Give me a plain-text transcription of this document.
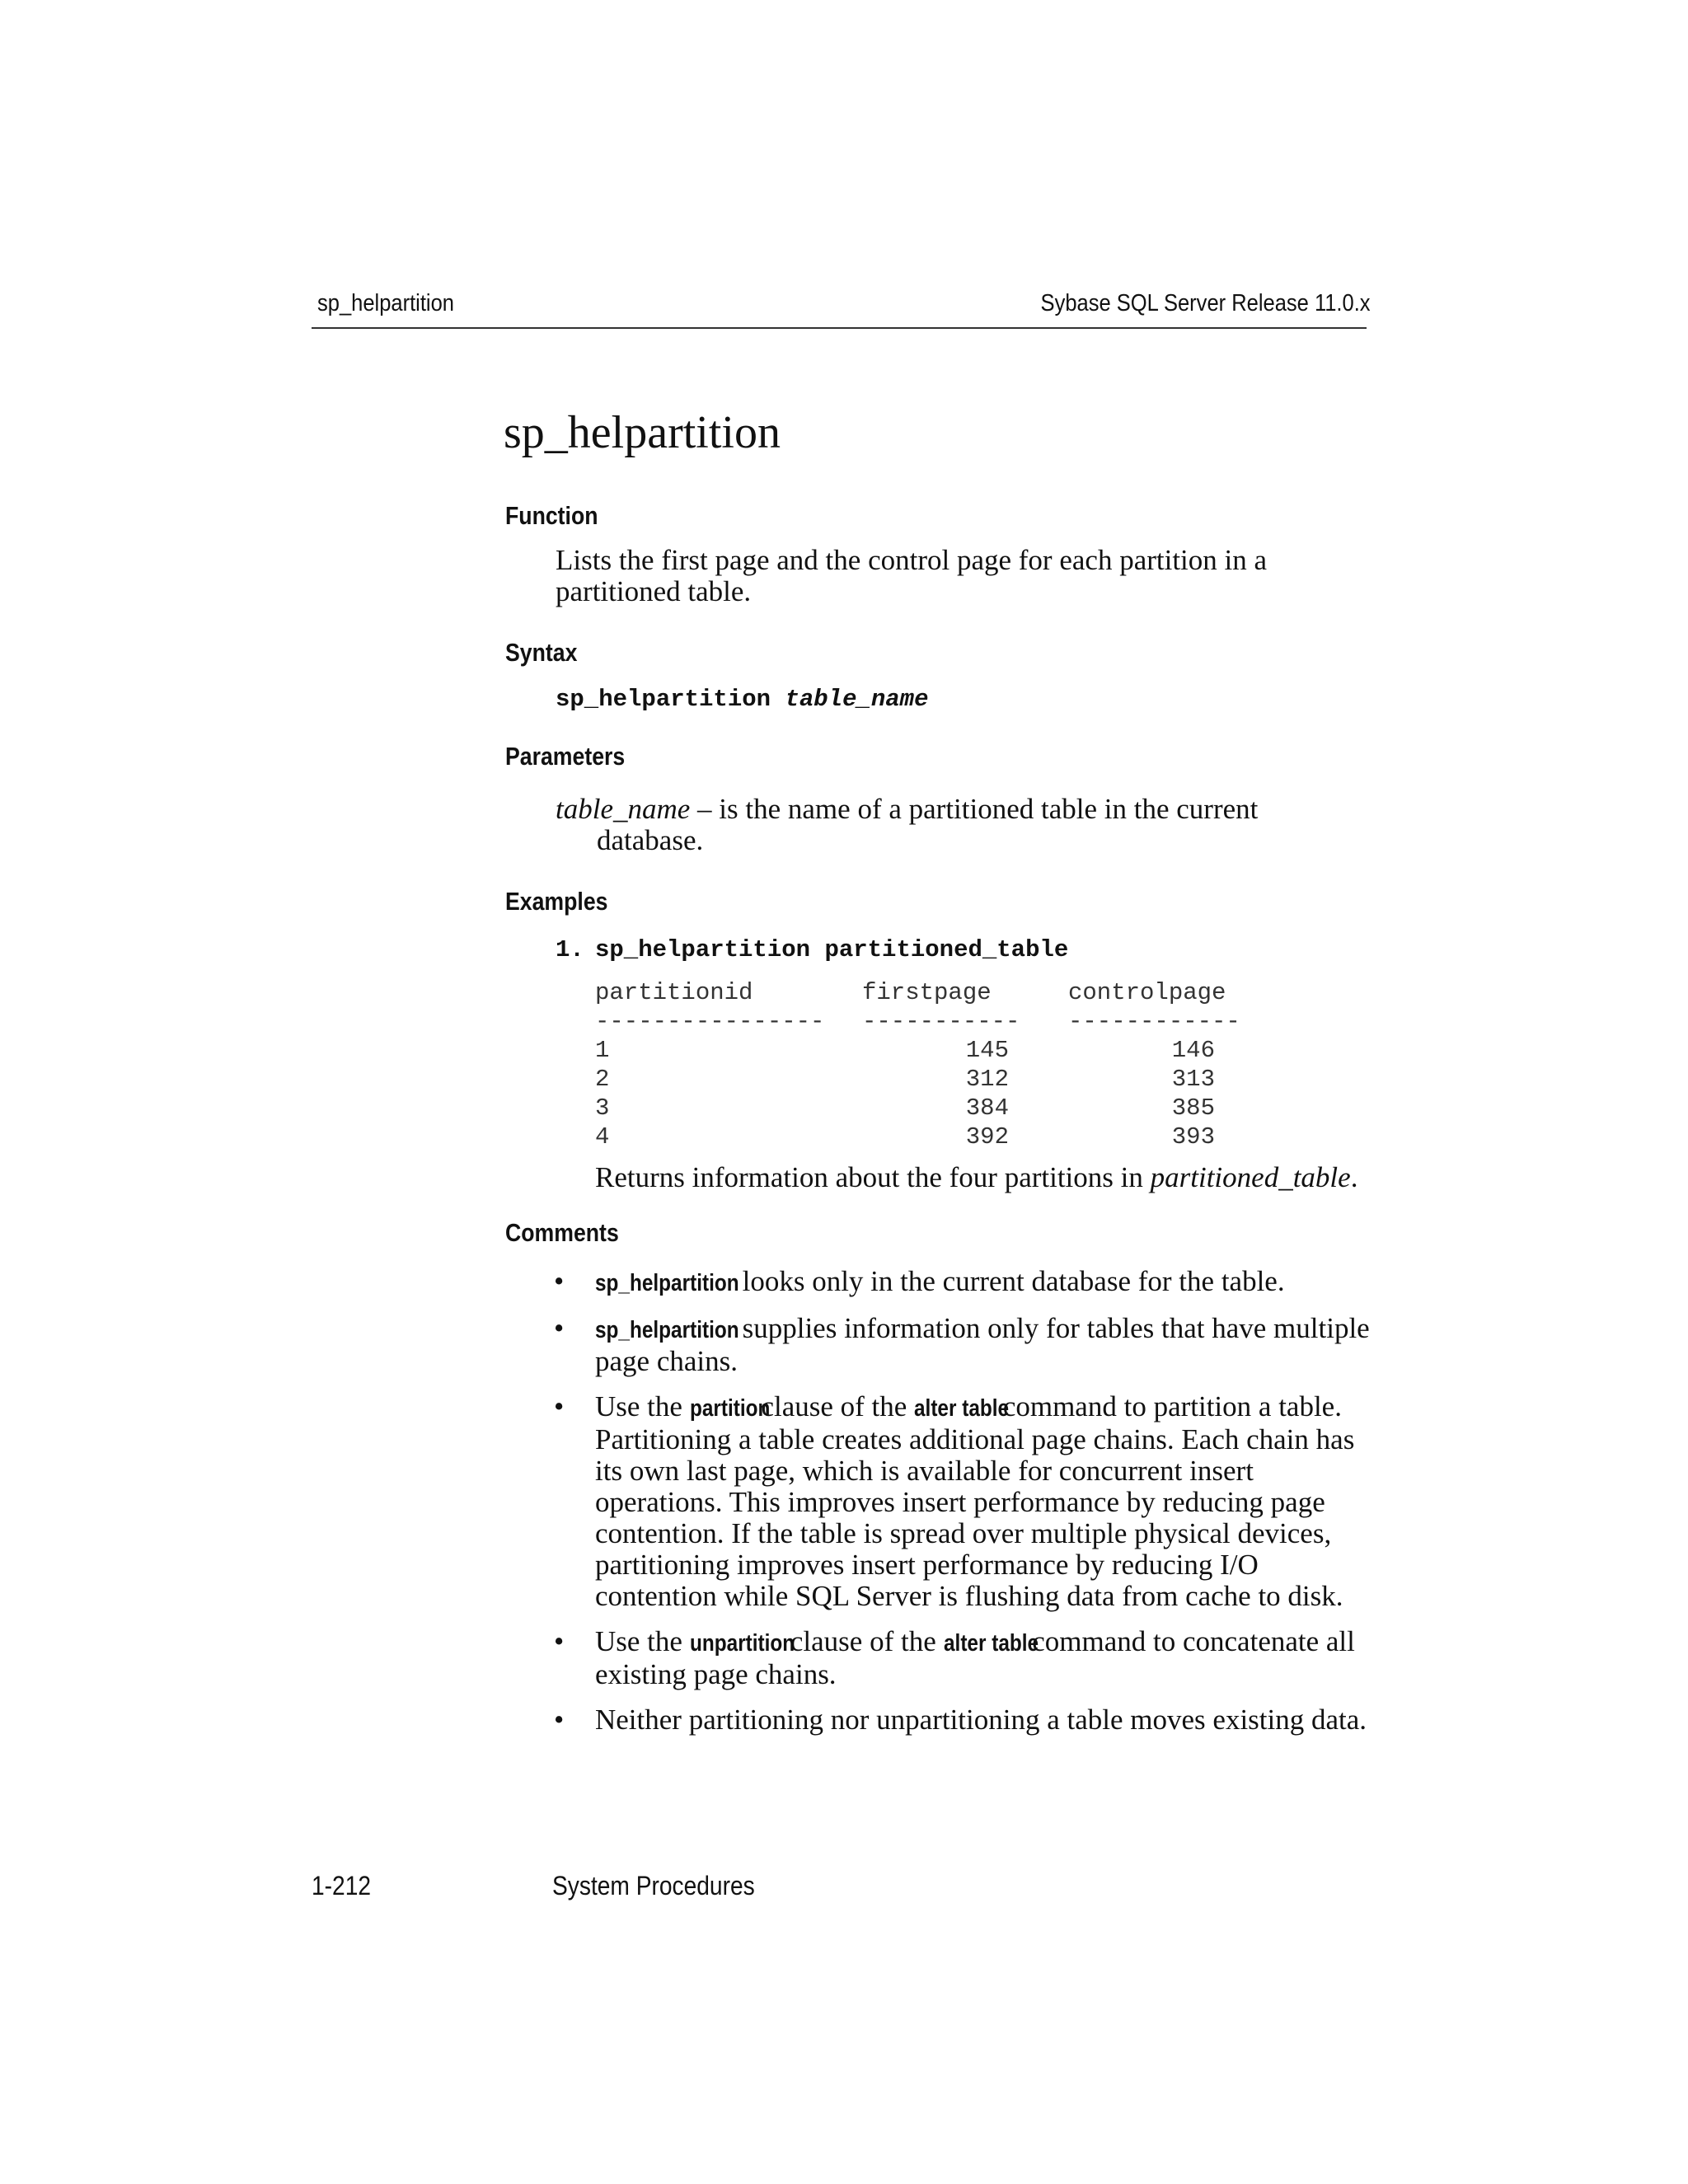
sp_helpartition	Sybase SQL Server Release 11.0.x
sp_helpartition
Function

Lists the first page and the control page for each partition in a partitioned table.

Syntax
sp_helpartition table_name
Parameters
table_name – is the name of a partitioned table in the current
database.
Examples
1. sp_helpartition partitioned_table
partitionid	firstpage	controlpage
---------------- ----------- ------------
1	145	146
2	312	313
3	384	385
4	392	393

Returns information about the four partitions in partitioned_table.

Comments
• sp_helpartition looks only in the current database for the table.
• sp_helpartition supplies information only for tables that have multiple page chains.
• Use the partition clause of the alter table command to partition a table. Partitioning a table creates additional page chains. Each chain has its own last page, which is available for concurrent insert operations. This improves insert performance by reducing page contention. If the table is spread over multiple physical devices, partitioning improves insert performance by reducing I/O contention while SQL Server is flushing data from cache to disk.
• Use the unpartition clause of the alter table command to concatenate all existing page chains.
• Neither partitioning nor unpartitioning a table moves existing data.
1-212	System Procedures
